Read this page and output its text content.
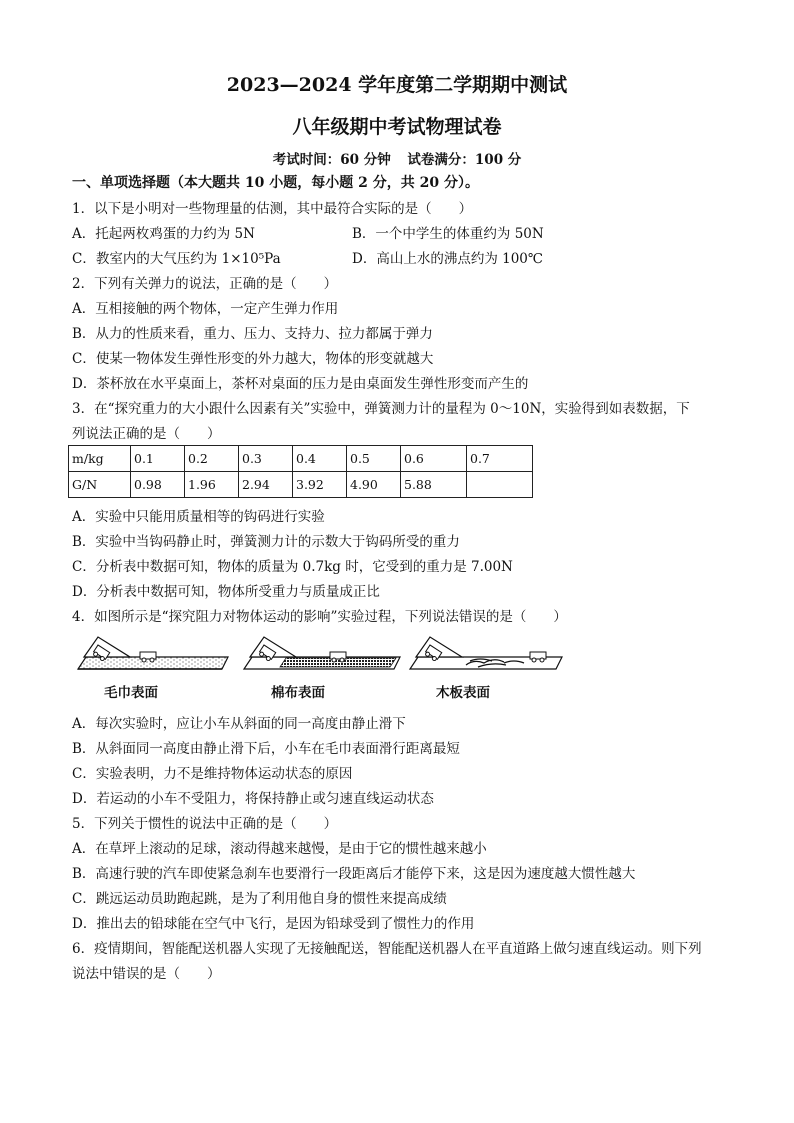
2023—2024 学年度第二学期期中测试
八年级期中考试物理试卷
考试时间：60 分钟 试卷满分：100 分
一、单项选择题（本大题共 10 小题，每小题 2 分，共 20 分）。
1．以下是小明对一些物理量的估测，其中最符合实际的是（　　）
A．托起两枚鸡蛋的力约为 5N	B．一个中学生的体重约为 50N
C．教室内的大气压约为 1×10⁵Pa	D．高山上水的沸点约为 100℃
2．下列有关弹力的说法，正确的是（　　）
A．互相接触的两个物体，一定产生弹力作用
B．从力的性质来看，重力、压力、支持力、拉力都属于弹力
C．使某一物体发生弹性形变的外力越大，物体的形变就越大
D．茶杯放在水平桌面上，茶杯对桌面的压力是由桌面发生弹性形变而产生的
3．在“探究重力的大小跟什么因素有关”实验中，弹簧测力计的量程为 0～10N，实验得到如表数据，下
列说法正确的是（　　）
m/kg	0.1	0.2	0.3	0.4	0.5	0.6	0.7
G/N	0.98	1.96	2.94	3.92	4.90	5.88	
A．实验中只能用质量相等的钩码进行实验
B．实验中当钩码静止时，弹簧测力计的示数大于钩码所受的重力
C．分析表中数据可知，物体的质量为 0.7kg 时，它受到的重力是 7.00N
D．分析表中数据可知，物体所受重力与质量成正比
4．如图所示是“探究阻力对物体运动的影响”实验过程，下列说法错误的是（　　）
毛巾表面	棉布表面	木板表面
A．每次实验时，应让小车从斜面的同一高度由静止滑下
B．从斜面同一高度由静止滑下后，小车在毛巾表面滑行距离最短
C．实验表明，力不是维持物体运动状态的原因
D．若运动的小车不受阻力，将保持静止或匀速直线运动状态
5．下列关于惯性的说法中正确的是（　　）
A．在草坪上滚动的足球，滚动得越来越慢，是由于它的惯性越来越小
B．高速行驶的汽车即使紧急刹车也要滑行一段距离后才能停下来，这是因为速度越大惯性越大
C．跳远运动员助跑起跳，是为了利用他自身的惯性来提高成绩
D．推出去的铅球能在空气中飞行，是因为铅球受到了惯性力的作用
6．疫情期间，智能配送机器人实现了无接触配送，智能配送机器人在平直道路上做匀速直线运动。则下列
说法中错误的是（　　）
